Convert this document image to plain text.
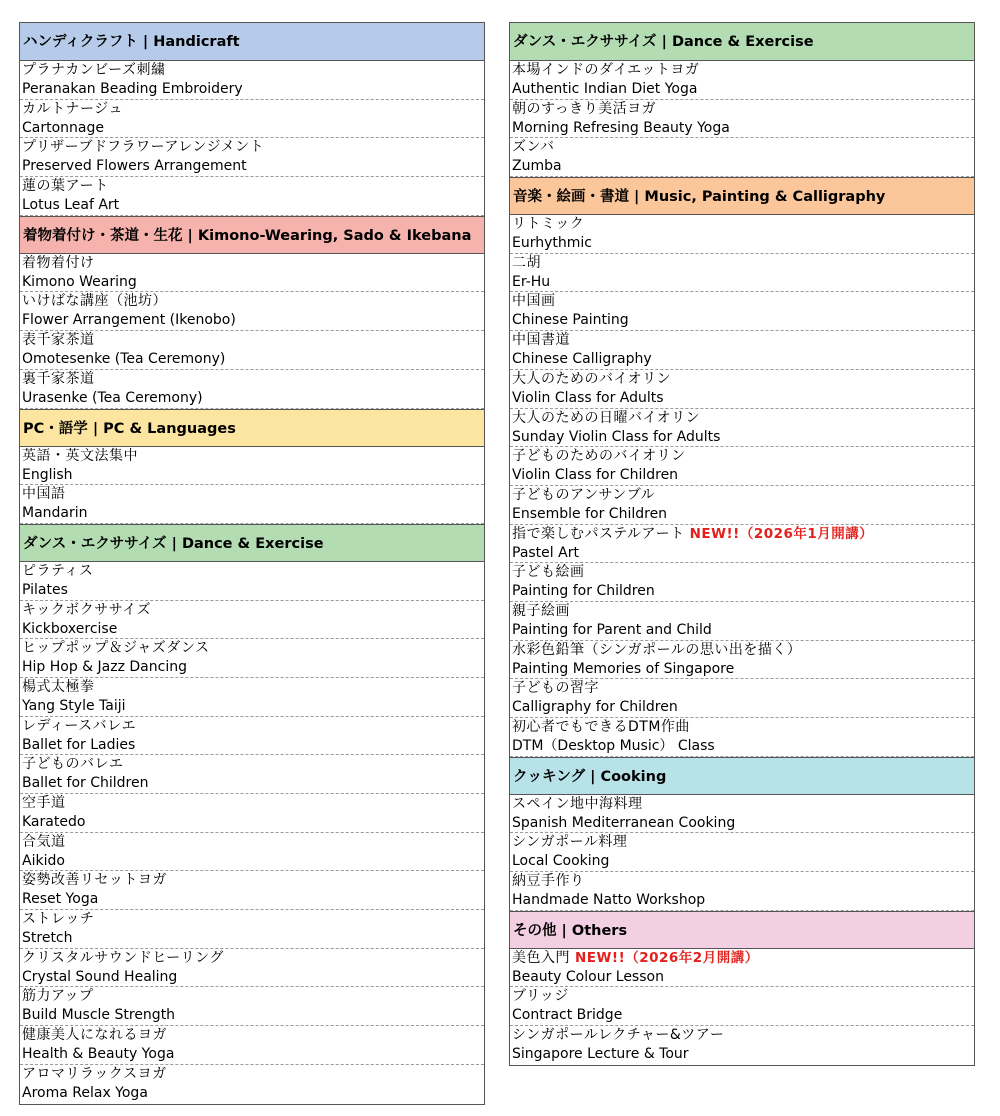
ハンディクラフト | Handicraft
プラナカンビーズ刺繍
Peranakan Beading Embroidery
カルトナージュ
Cartonnage
プリザーブドフラワーアレンジメント
Preserved Flowers Arrangement
蓮の葉アート
Lotus Leaf Art
着物着付け・茶道・生花 | Kimono-Wearing, Sado & Ikebana
着物着付け
Kimono Wearing
いけばな講座（池坊）
Flower Arrangement (Ikenobo)
表千家茶道
Omotesenke (Tea Ceremony)
裏千家茶道
Urasenke (Tea Ceremony)
PC・語学 | PC & Languages
英語・英文法集中
English
中国語
Mandarin
ダンス・エクササイズ | Dance & Exercise
ピラティス
Pilates
キックボクササイズ
Kickboxercise
ヒップポップ＆ジャズダンス
Hip Hop & Jazz Dancing
楊式太極拳
Yang Style Taiji
レディースバレエ
Ballet for Ladies
子どものバレエ
Ballet for Children
空手道
Karatedo
合気道
Aikido
姿勢改善リセットヨガ
Reset Yoga
ストレッチ
Stretch
クリスタルサウンドヒーリング
Crystal Sound Healing
筋力アップ
Build Muscle Strength
健康美人になれるヨガ
Health & Beauty Yoga
アロマリラックスヨガ
Aroma Relax Yoga
ダンス・エクササイズ | Dance & Exercise
本場インドのダイエットヨガ
Authentic Indian Diet Yoga
朝のすっきり美活ヨガ
Morning Refresing Beauty Yoga
ズンバ
Zumba
音楽・絵画・書道 | Music, Painting & Calligraphy
リトミック
Eurhythmic
二胡
Er-Hu
中国画
Chinese Painting
中国書道
Chinese Calligraphy
大人のためのバイオリン
Violin Class for Adults
大人のための日曜バイオリン
Sunday Violin Class for Adults
子どものためのバイオリン
Violin Class for Children
子どものアンサンブル
Ensemble for Children
指で楽しむパステルアート NEW!!（2026年1月開講）
Pastel Art
子ども絵画
Painting for Children
親子絵画
Painting for Parent and Child
水彩色鉛筆（シンガポールの思い出を描く）
Painting Memories of Singapore
子どもの習字
Calligraphy for Children
初心者でもできるDTM作曲
DTM（Desktop Music） Class
クッキング | Cooking
スペイン地中海料理
Spanish Mediterranean Cooking
シンガポール料理
Local Cooking
納豆手作り
Handmade Natto Workshop
その他 | Others
美色入門 NEW!!（2026年2月開講）
Beauty Colour Lesson
ブリッジ
Contract Bridge
シンガポールレクチャー&ツアー
Singapore Lecture & Tour
